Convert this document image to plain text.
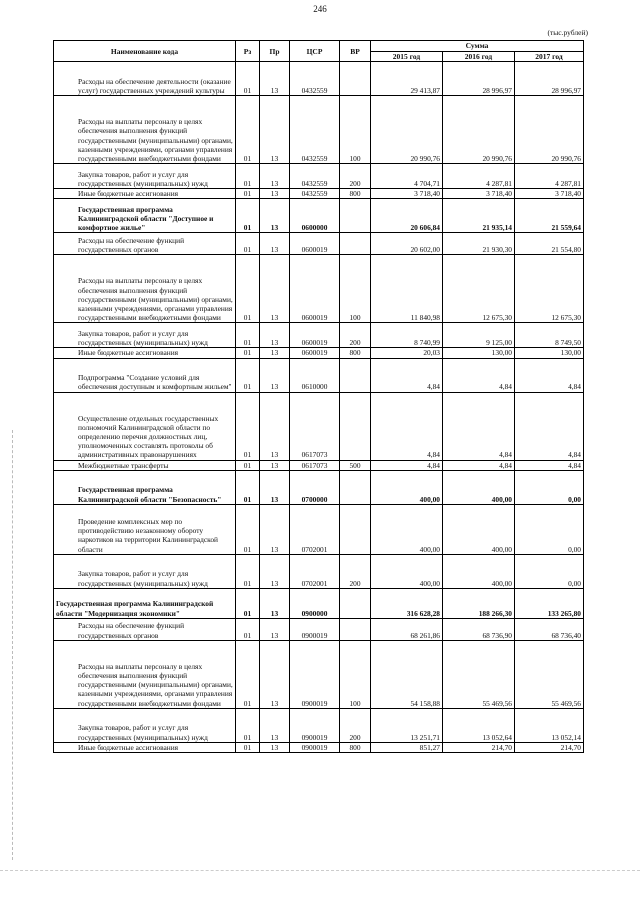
246
(тыс.рублей)
Наименование кода	Рз	Пр	ЦСР	ВР	Сумма		
					2015 год	2016 год	2017 год

Расходы на обеспечение деятельности (оказание услуг) государственных учреждений культуры	01	13	0432559		29 413,87	28 996,97	28 996,97

Расходы на выплаты персоналу в целях обеспечения выполнения функций государственными (муниципальными) органами, казенными учреждениями, органами управления государственными внебюджетными фондами	01	13	0432559	100	20 990,76	20 990,76	20 990,76

Закупка товаров, работ и услуг для государственных (муниципальных) нужд	01	13	0432559	200	4 704,71	4 287,81	4 287,81

Иные бюджетные ассигнования	01	13	0432559	800	3 718,40	3 718,40	3 718,40

Государственная программа Калининградской области "Доступное и комфортное жилье"	01	13	0600000		20 606,84	21 935,14	21 559,64

Расходы на обеспечение функций государственных органов	01	13	0600019		20 602,00	21 930,30	21 554,80

Расходы на выплаты персоналу в целях обеспечения выполнения функций государственными (муниципальными) органами, казенными учреждениями, органами управления государственными внебюджетными фондами	01	13	0600019	100	11 840,98	12 675,30	12 675,30

Закупка товаров, работ и услуг для государственных (муниципальных) нужд	01	13	0600019	200	8 740,99	9 125,00	8 749,50

Иные бюджетные ассигнования	01	13	0600019	800	20,03	130,00	130,00

Подпрограмма "Создание условий для обеспечения доступным и комфортным жильем"	01	13	0610000		4,84	4,84	4,84

Осуществление отдельных государственных полномочий Калининградской области по определению перечня должностных лиц, уполномоченных составлять протоколы об административных правонарушениях	01	13	0617073		4,84	4,84	4,84

Межбюджетные трансферты	01	13	0617073	500	4,84	4,84	4,84

Государственная программа Калининградской области "Безопасность"	01	13	0700000		400,00	400,00	0,00

Проведение комплексных мер по противодействию незаконному обороту наркотиков на территории Калининградской области	01	13	0702001		400,00	400,00	0,00

Закупка товаров, работ и услуг для государственных (муниципальных) нужд	01	13	0702001	200	400,00	400,00	0,00

Государственная программа Калининградской области "Модернизация экономики"	01	13	0900000		316 628,28	188 266,30	133 265,80

Расходы на обеспечение функций государственных органов	01	13	0900019		68 261,86	68 736,90	68 736,40

Расходы на выплаты персоналу в целях обеспечения выполнения функций государственными (муниципальными) органами, казенными учреждениями, органами управления государственными внебюджетными фондами	01	13	0900019	100	54 158,88	55 469,56	55 469,56

Закупка товаров, работ и услуг для государственных (муниципальных) нужд	01	13	0900019	200	13 251,71	13 052,64	13 052,14

Иные бюджетные ассигнования	01	13	0900019	800	851,27	214,70	214,70
